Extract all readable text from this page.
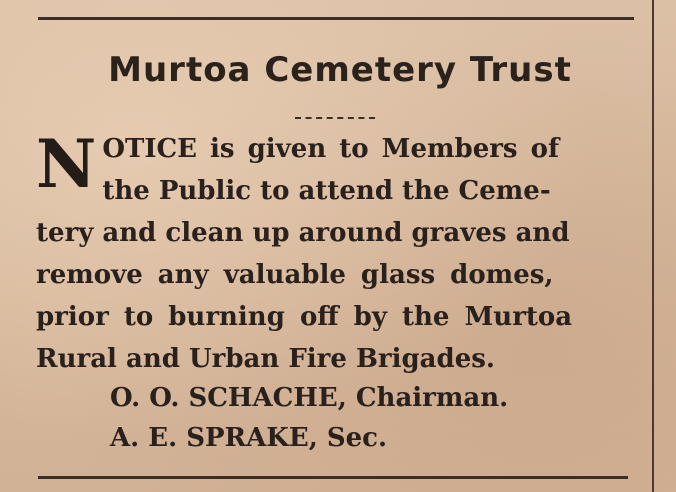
Murtoa Cemetery Trust

N OTICE is given to Members of
the Public to attend the Ceme-
tery and clean up around graves and
remove any valuable glass domes,
prior to burning off by the Murtoa
Rural and Urban Fire Brigades.

O. O. SCHACHE, Chairman.

A. E. SPRAKE, Sec.
